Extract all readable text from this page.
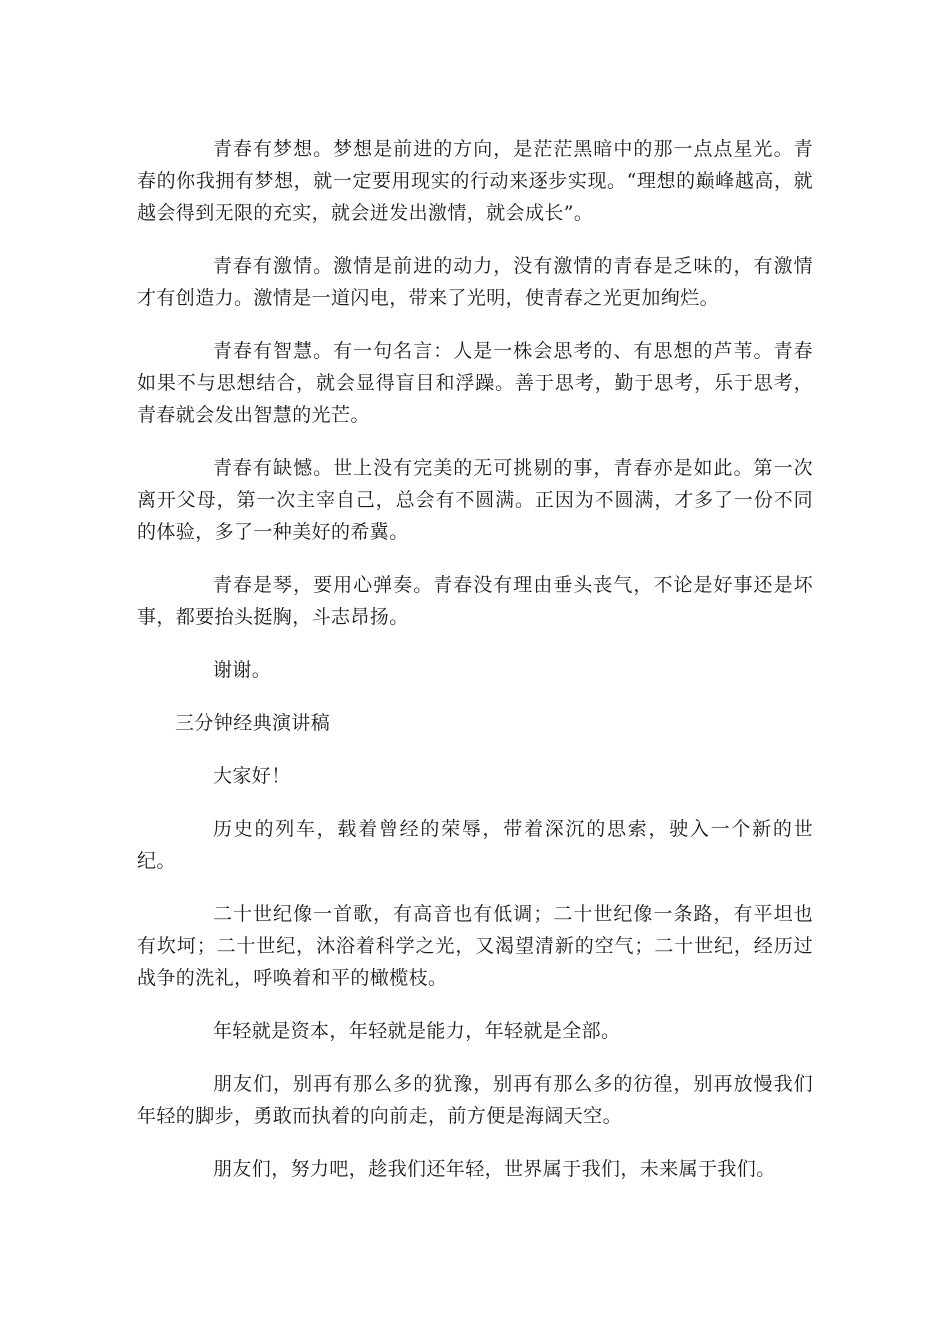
青春有梦想。梦想是前进的方向，是茫茫黑暗中的那一点点星光。青春的你我拥有梦想，就一定要用现实的行动来逐步实现。“理想的巅峰越高，就越会得到无限的充实，就会迸发出激情，就会成长”。

青春有激情。激情是前进的动力，没有激情的青春是乏味的，有激情才有创造力。激情是一道闪电，带来了光明，使青春之光更加绚烂。

青春有智慧。有一句名言：人是一株会思考的、有思想的芦苇。青春如果不与思想结合，就会显得盲目和浮躁。善于思考，勤于思考，乐于思考，青春就会发出智慧的光芒。

青春有缺憾。世上没有完美的无可挑剔的事，青春亦是如此。第一次离开父母，第一次主宰自己，总会有不圆满。正因为不圆满，才多了一份不同的体验，多了一种美好的希冀。

青春是琴，要用心弹奏。青春没有理由垂头丧气，不论是好事还是坏事，都要抬头挺胸，斗志昂扬。

谢谢。

三分钟经典演讲稿

大家好！

历史的列车，载着曾经的荣辱，带着深沉的思索，驶入一个新的世纪。

二十世纪像一首歌，有高音也有低调；二十世纪像一条路，有平坦也有坎坷；二十世纪，沐浴着科学之光，又渴望清新的空气；二十世纪，经历过战争的洗礼，呼唤着和平的橄榄枝。

年轻就是资本，年轻就是能力，年轻就是全部。

朋友们，别再有那么多的犹豫，别再有那么多的彷徨，别再放慢我们年轻的脚步，勇敢而执着的向前走，前方便是海阔天空。

朋友们，努力吧，趁我们还年轻，世界属于我们，未来属于我们。
